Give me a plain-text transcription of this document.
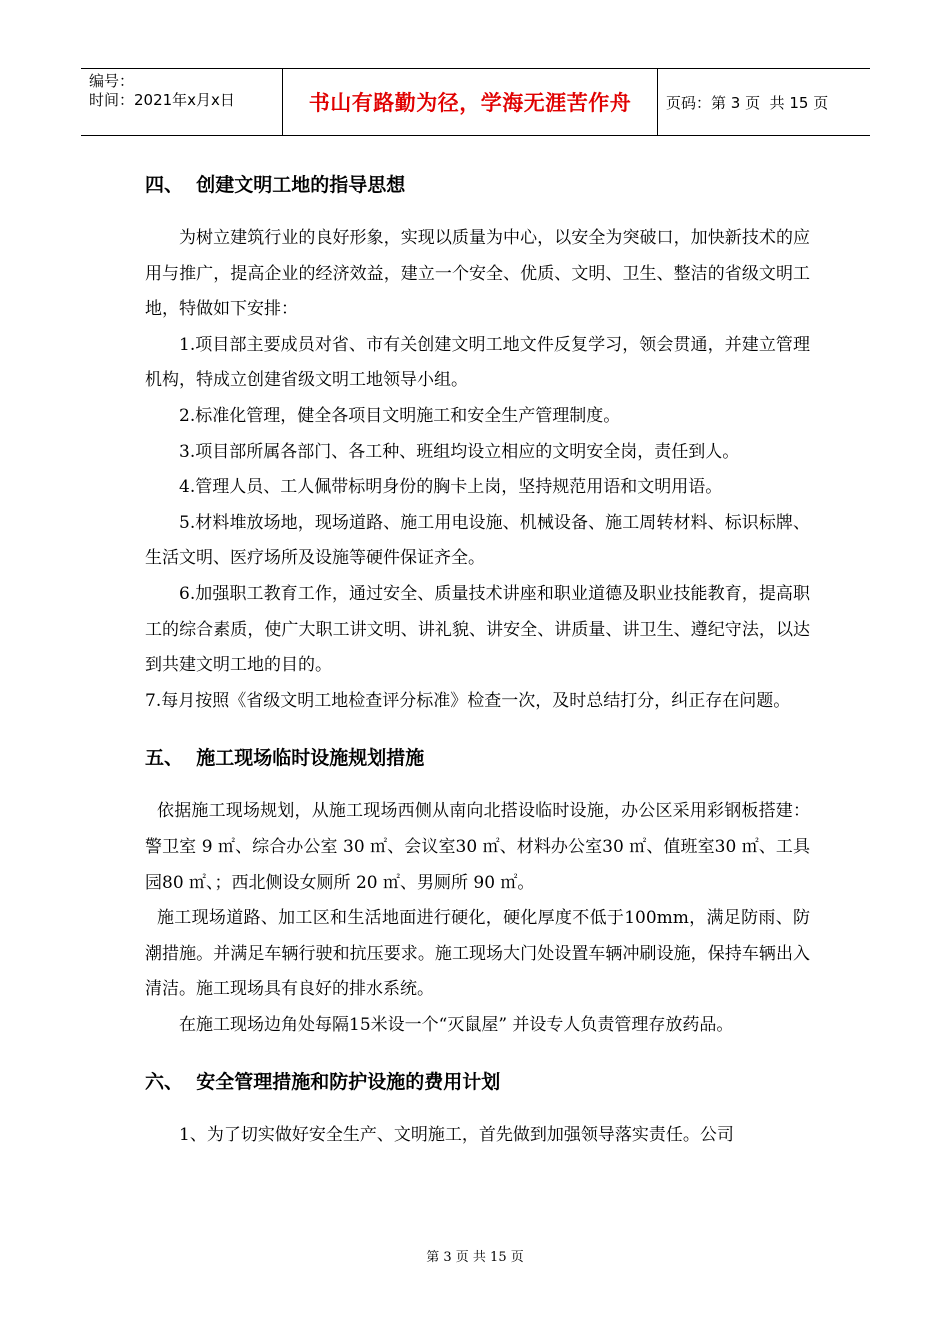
编号：
时间：2021年x月x日	书山有路勤为径，学海无涯苦作舟	页码：第 3 页  共 15 页
四、  创建文明工地的指导思想

为树立建筑行业的良好形象，实现以质量为中心，以安全为突破口，加快新技术的应用与推广，提高企业的经济效益，建立一个安全、优质、文明、卫生、整洁的省级文明工地，特做如下安排：

1.项目部主要成员对省、市有关创建文明工地文件反复学习，领会贯通，并建立管理机构，特成立创建省级文明工地领导小组。

2.标准化管理，健全各项目文明施工和安全生产管理制度。

3.项目部所属各部门、各工种、班组均设立相应的文明安全岗，责任到人。

4.管理人员、工人佩带标明身份的胸卡上岗，坚持规范用语和文明用语。

5.材料堆放场地，现场道路、施工用电设施、机械设备、施工周转材料、标识标牌、生活文明、医疗场所及设施等硬件保证齐全。

6.加强职工教育工作，通过安全、质量技术讲座和职业道德及职业技能教育，提高职工的综合素质，使广大职工讲文明、讲礼貌、讲安全、讲质量、讲卫生、遵纪守法，以达到共建文明工地的目的。

7.每月按照《省级文明工地检查评分标准》检查一次，及时总结打分，纠正存在问题。

五、  施工现场临时设施规划措施

依据施工现场规划，从施工现场西侧从南向北搭设临时设施，办公区采用彩钢板搭建：警卫室 9 ㎡、综合办公室 30 ㎡、会议室30 ㎡、材料办公室30 ㎡、值班室30 ㎡、工具园80 ㎡、；西北侧设女厕所 20 ㎡、男厕所 90 ㎡。

施工现场道路、加工区和生活地面进行硬化，硬化厚度不低于100mm，满足防雨、防潮措施。并满足车辆行驶和抗压要求。施工现场大门处设置车辆冲刷设施，保持车辆出入清洁。施工现场具有良好的排水系统。

在施工现场边角处每隔15米设一个“灭鼠屋” 并设专人负责管理存放药品。

六、  安全管理措施和防护设施的费用计划

1、为了切实做好安全生产、文明施工，首先做到加强领导落实责任。公司

第 3 页 共 15 页
